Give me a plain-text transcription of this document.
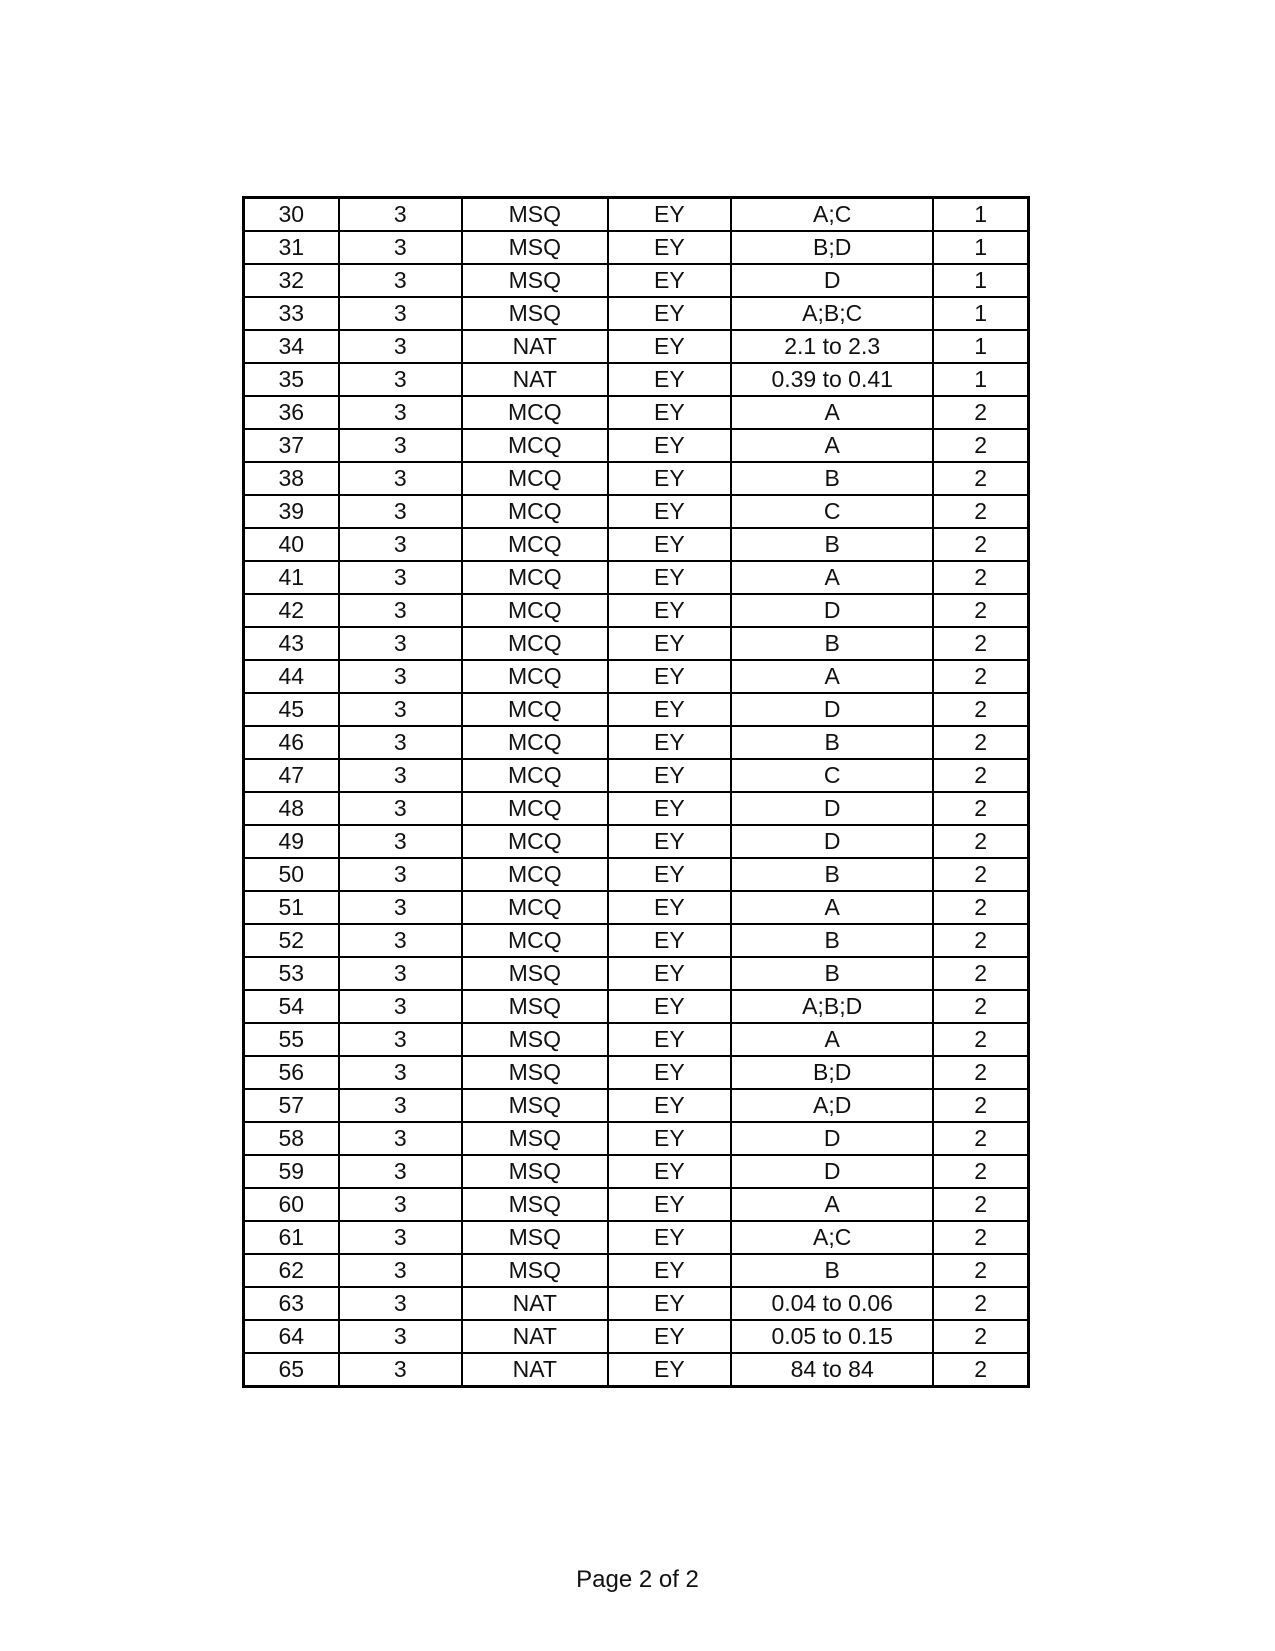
30	3	MSQ	EY	A;C	1
31	3	MSQ	EY	B;D	1
32	3	MSQ	EY	D	1
33	3	MSQ	EY	A;B;C	1
34	3	NAT	EY	2.1 to 2.3	1
35	3	NAT	EY	0.39 to 0.41	1
36	3	MCQ	EY	A	2
37	3	MCQ	EY	A	2
38	3	MCQ	EY	B	2
39	3	MCQ	EY	C	2
40	3	MCQ	EY	B	2
41	3	MCQ	EY	A	2
42	3	MCQ	EY	D	2
43	3	MCQ	EY	B	2
44	3	MCQ	EY	A	2
45	3	MCQ	EY	D	2
46	3	MCQ	EY	B	2
47	3	MCQ	EY	C	2
48	3	MCQ	EY	D	2
49	3	MCQ	EY	D	2
50	3	MCQ	EY	B	2
51	3	MCQ	EY	A	2
52	3	MCQ	EY	B	2
53	3	MSQ	EY	B	2
54	3	MSQ	EY	A;B;D	2
55	3	MSQ	EY	A	2
56	3	MSQ	EY	B;D	2
57	3	MSQ	EY	A;D	2
58	3	MSQ	EY	D	2
59	3	MSQ	EY	D	2
60	3	MSQ	EY	A	2
61	3	MSQ	EY	A;C	2
62	3	MSQ	EY	B	2
63	3	NAT	EY	0.04 to 0.06	2
64	3	NAT	EY	0.05 to 0.15	2
65	3	NAT	EY	84 to 84	2
Page 2 of 2
